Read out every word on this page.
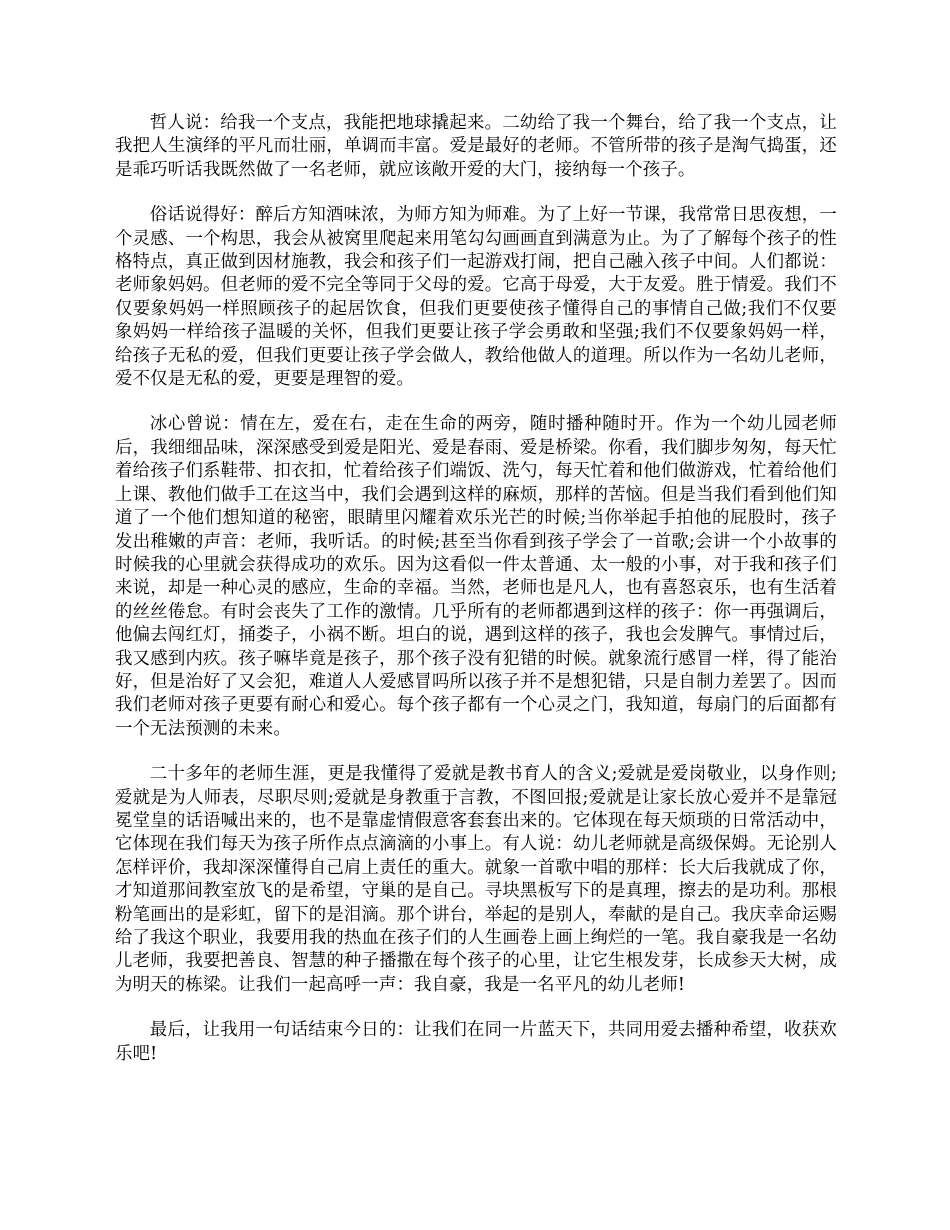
哲人说：给我一个支点，我能把地球撬起来。二幼给了我一个舞台，给了我一个支点，让我把人生演绎的平凡而壮丽，单调而丰富。爱是最好的老师。不管所带的孩子是淘气捣蛋，还是乖巧听话我既然做了一名老师，就应该敞开爱的大门，接纳每一个孩子。

俗话说得好：醉后方知酒味浓，为师方知为师难。为了上好一节课，我常常日思夜想，一个灵感、一个构思，我会从被窝里爬起来用笔勾勾画画直到满意为止。为了了解每个孩子的性格特点，真正做到因材施教，我会和孩子们一起游戏打闹，把自己融入孩子中间。人们都说：老师象妈妈。但老师的爱不完全等同于父母的爱。它高于母爱，大于友爱。胜于情爱。我们不仅要象妈妈一样照顾孩子的起居饮食，但我们更要使孩子懂得自己的事情自己做;我们不仅要象妈妈一样给孩子温暖的关怀，但我们更要让孩子学会勇敢和坚强;我们不仅要象妈妈一样，给孩子无私的爱，但我们更要让孩子学会做人，教给他做人的道理。所以作为一名幼儿老师，爱不仅是无私的爱，更要是理智的爱。

冰心曾说：情在左，爱在右，走在生命的两旁，随时播种随时开。作为一个幼儿园老师后，我细细品味，深深感受到爱是阳光、爱是春雨、爱是桥梁。你看，我们脚步匆匆，每天忙着给孩子们系鞋带、扣衣扣，忙着给孩子们端饭、洗勺，每天忙着和他们做游戏，忙着给他们上课、教他们做手工在这当中，我们会遇到这样的麻烦，那样的苦恼。但是当我们看到他们知道了一个他们想知道的秘密，眼睛里闪耀着欢乐光芒的时候;当你举起手拍他的屁股时，孩子发出稚嫩的声音：老师，我听话。的时候;甚至当你看到孩子学会了一首歌;会讲一个小故事的时候我的心里就会获得成功的欢乐。因为这看似一件太普通、太一般的小事，对于我和孩子们来说，却是一种心灵的感应，生命的幸福。当然，老师也是凡人，也有喜怒哀乐，也有生活着的丝丝倦怠。有时会丧失了工作的激情。几乎所有的老师都遇到这样的孩子：你一再强调后，他偏去闯红灯，捅娄子，小祸不断。坦白的说，遇到这样的孩子，我也会发脾气。事情过后，我又感到内疚。孩子嘛毕竟是孩子，那个孩子没有犯错的时候。就象流行感冒一样，得了能治好，但是治好了又会犯，难道人人爱感冒吗所以孩子并不是想犯错，只是自制力差罢了。因而我们老师对孩子更要有耐心和爱心。每个孩子都有一个心灵之门，我知道，每扇门的后面都有一个无法预测的未来。

二十多年的老师生涯，更是我懂得了爱就是教书育人的含义;爱就是爱岗敬业，以身作则;爱就是为人师表，尽职尽则;爱就是身教重于言教，不图回报;爱就是让家长放心爱并不是靠冠冕堂皇的话语喊出来的，也不是靠虚情假意客套套出来的。它体现在每天烦琐的日常活动中，它体现在我们每天为孩子所作点点滴滴的小事上。有人说：幼儿老师就是高级保姆。无论别人怎样评价，我却深深懂得自己肩上责任的重大。就象一首歌中唱的那样：长大后我就成了你，才知道那间教室放飞的是希望，守巢的是自己。寻块黑板写下的是真理，擦去的是功利。那根粉笔画出的是彩虹，留下的是泪滴。那个讲台，举起的是别人，奉献的是自己。我庆幸命运赐给了我这个职业，我要用我的热血在孩子们的人生画卷上画上绚烂的一笔。我自豪我是一名幼儿老师，我要把善良、智慧的种子播撒在每个孩子的心里，让它生根发芽，长成参天大树，成为明天的栋梁。让我们一起高呼一声：我自豪，我是一名平凡的幼儿老师!

最后，让我用一句话结束今日的：让我们在同一片蓝天下，共同用爱去播种希望，收获欢乐吧!
